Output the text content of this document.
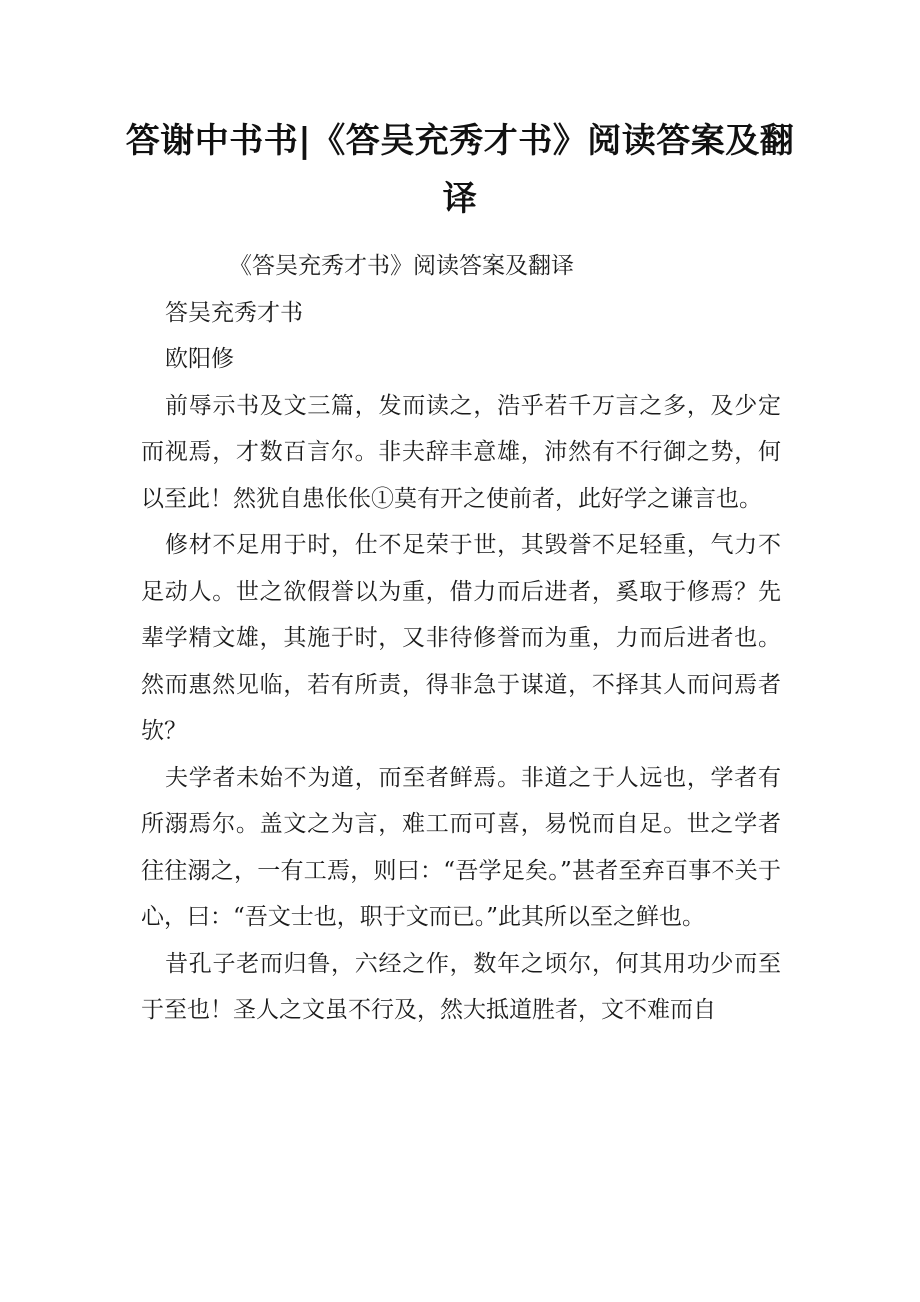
答谢中书书|《答吴充秀才书》阅读答案及翻译

《答吴充秀才书》阅读答案及翻译

答吴充秀才书

欧阳修

前辱示书及文三篇，发而读之，浩乎若千万言之多，及少定而视焉，才数百言尔。非夫辞丰意雄，沛然有不行御之势，何以至此！然犹自患伥伥①莫有开之使前者，此好学之谦言也。

修材不足用于时，仕不足荣于世，其毁誉不足轻重，气力不足动人。世之欲假誉以为重，借力而后进者，奚取于修焉？先辈学精文雄，其施于时，又非待修誉而为重，力而后进者也。然而惠然见临，若有所责，得非急于谋道，不择其人而问焉者欤？

夫学者未始不为道，而至者鲜焉。非道之于人远也，学者有所溺焉尔。盖文之为言，难工而可喜，易悦而自足。世之学者往往溺之，一有工焉，则曰：“吾学足矣。”甚者至弃百事不关于心，曰：“吾文士也，职于文而已。”此其所以至之鲜也。

昔孔子老而归鲁，六经之作，数年之顷尔，何其用功少而至于至也！圣人之文虽不行及，然大抵道胜者，文不难而自
